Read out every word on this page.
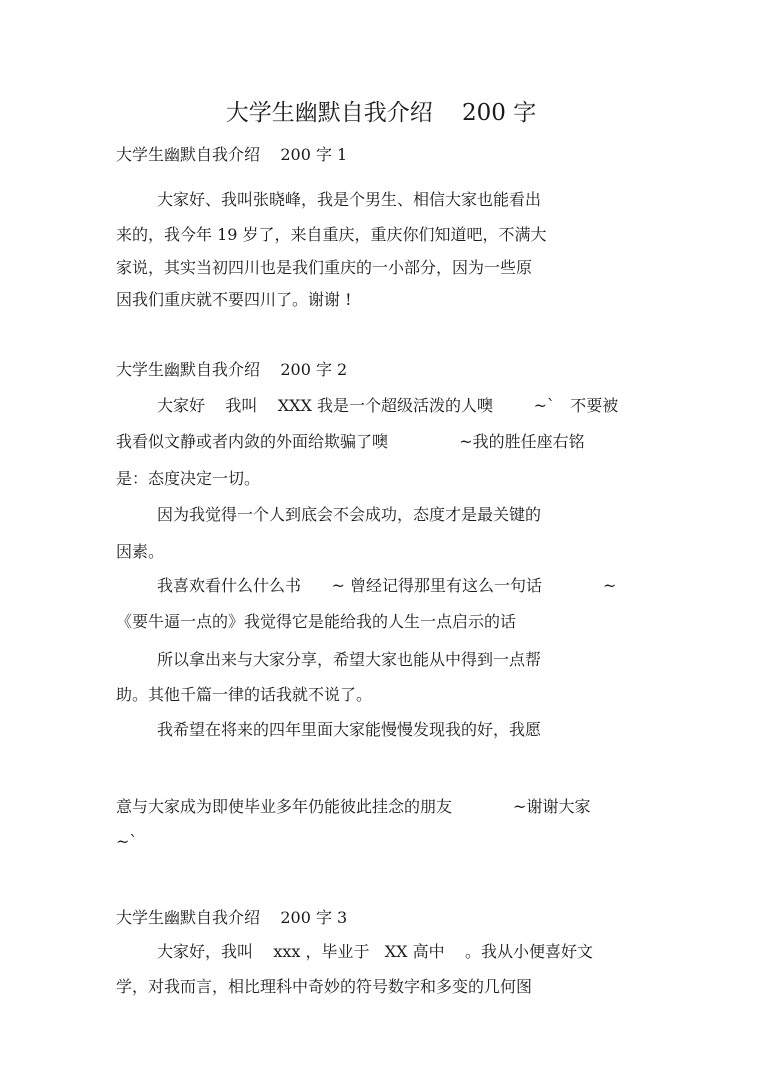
大学生幽默自我介绍    200 字
大学生幽默自我介绍    200 字 1
大家好、我叫张晓峰，我是个男生、相信大家也能看出
来的，我今年 19 岁了，来自重庆，重庆你们知道吧，不满大
家说，其实当初四川也是我们重庆的一小部分，因为一些原
因我们重庆就不要四川了。谢谢 !
大学生幽默自我介绍    200 字 2
大家好    我叫    XXX 我是一个超级活泼的人噢        ~`   不要被
我看似文静或者内敛的外面给欺骗了噢              ~我的胜任座右铭
是：态度决定一切。
因为我觉得一个人到底会不会成功，态度才是最关键的
因素。
我喜欢看什么什么书      ~ 曾经记得那里有这么一句话            ~
《要牛逼一点的》我觉得它是能给我的人生一点启示的话
所以拿出来与大家分享，希望大家也能从中得到一点帮
助。其他千篇一律的话我就不说了。
我希望在将来的四年里面大家能慢慢发现我的好，我愿
意与大家成为即使毕业多年仍能彼此挂念的朋友            ~谢谢大家
~`
大学生幽默自我介绍    200 字 3
大家好，我叫    xxx ，毕业于   XX 高中    。我从小便喜好文
学，对我而言，相比理科中奇妙的符号数字和多变的几何图
